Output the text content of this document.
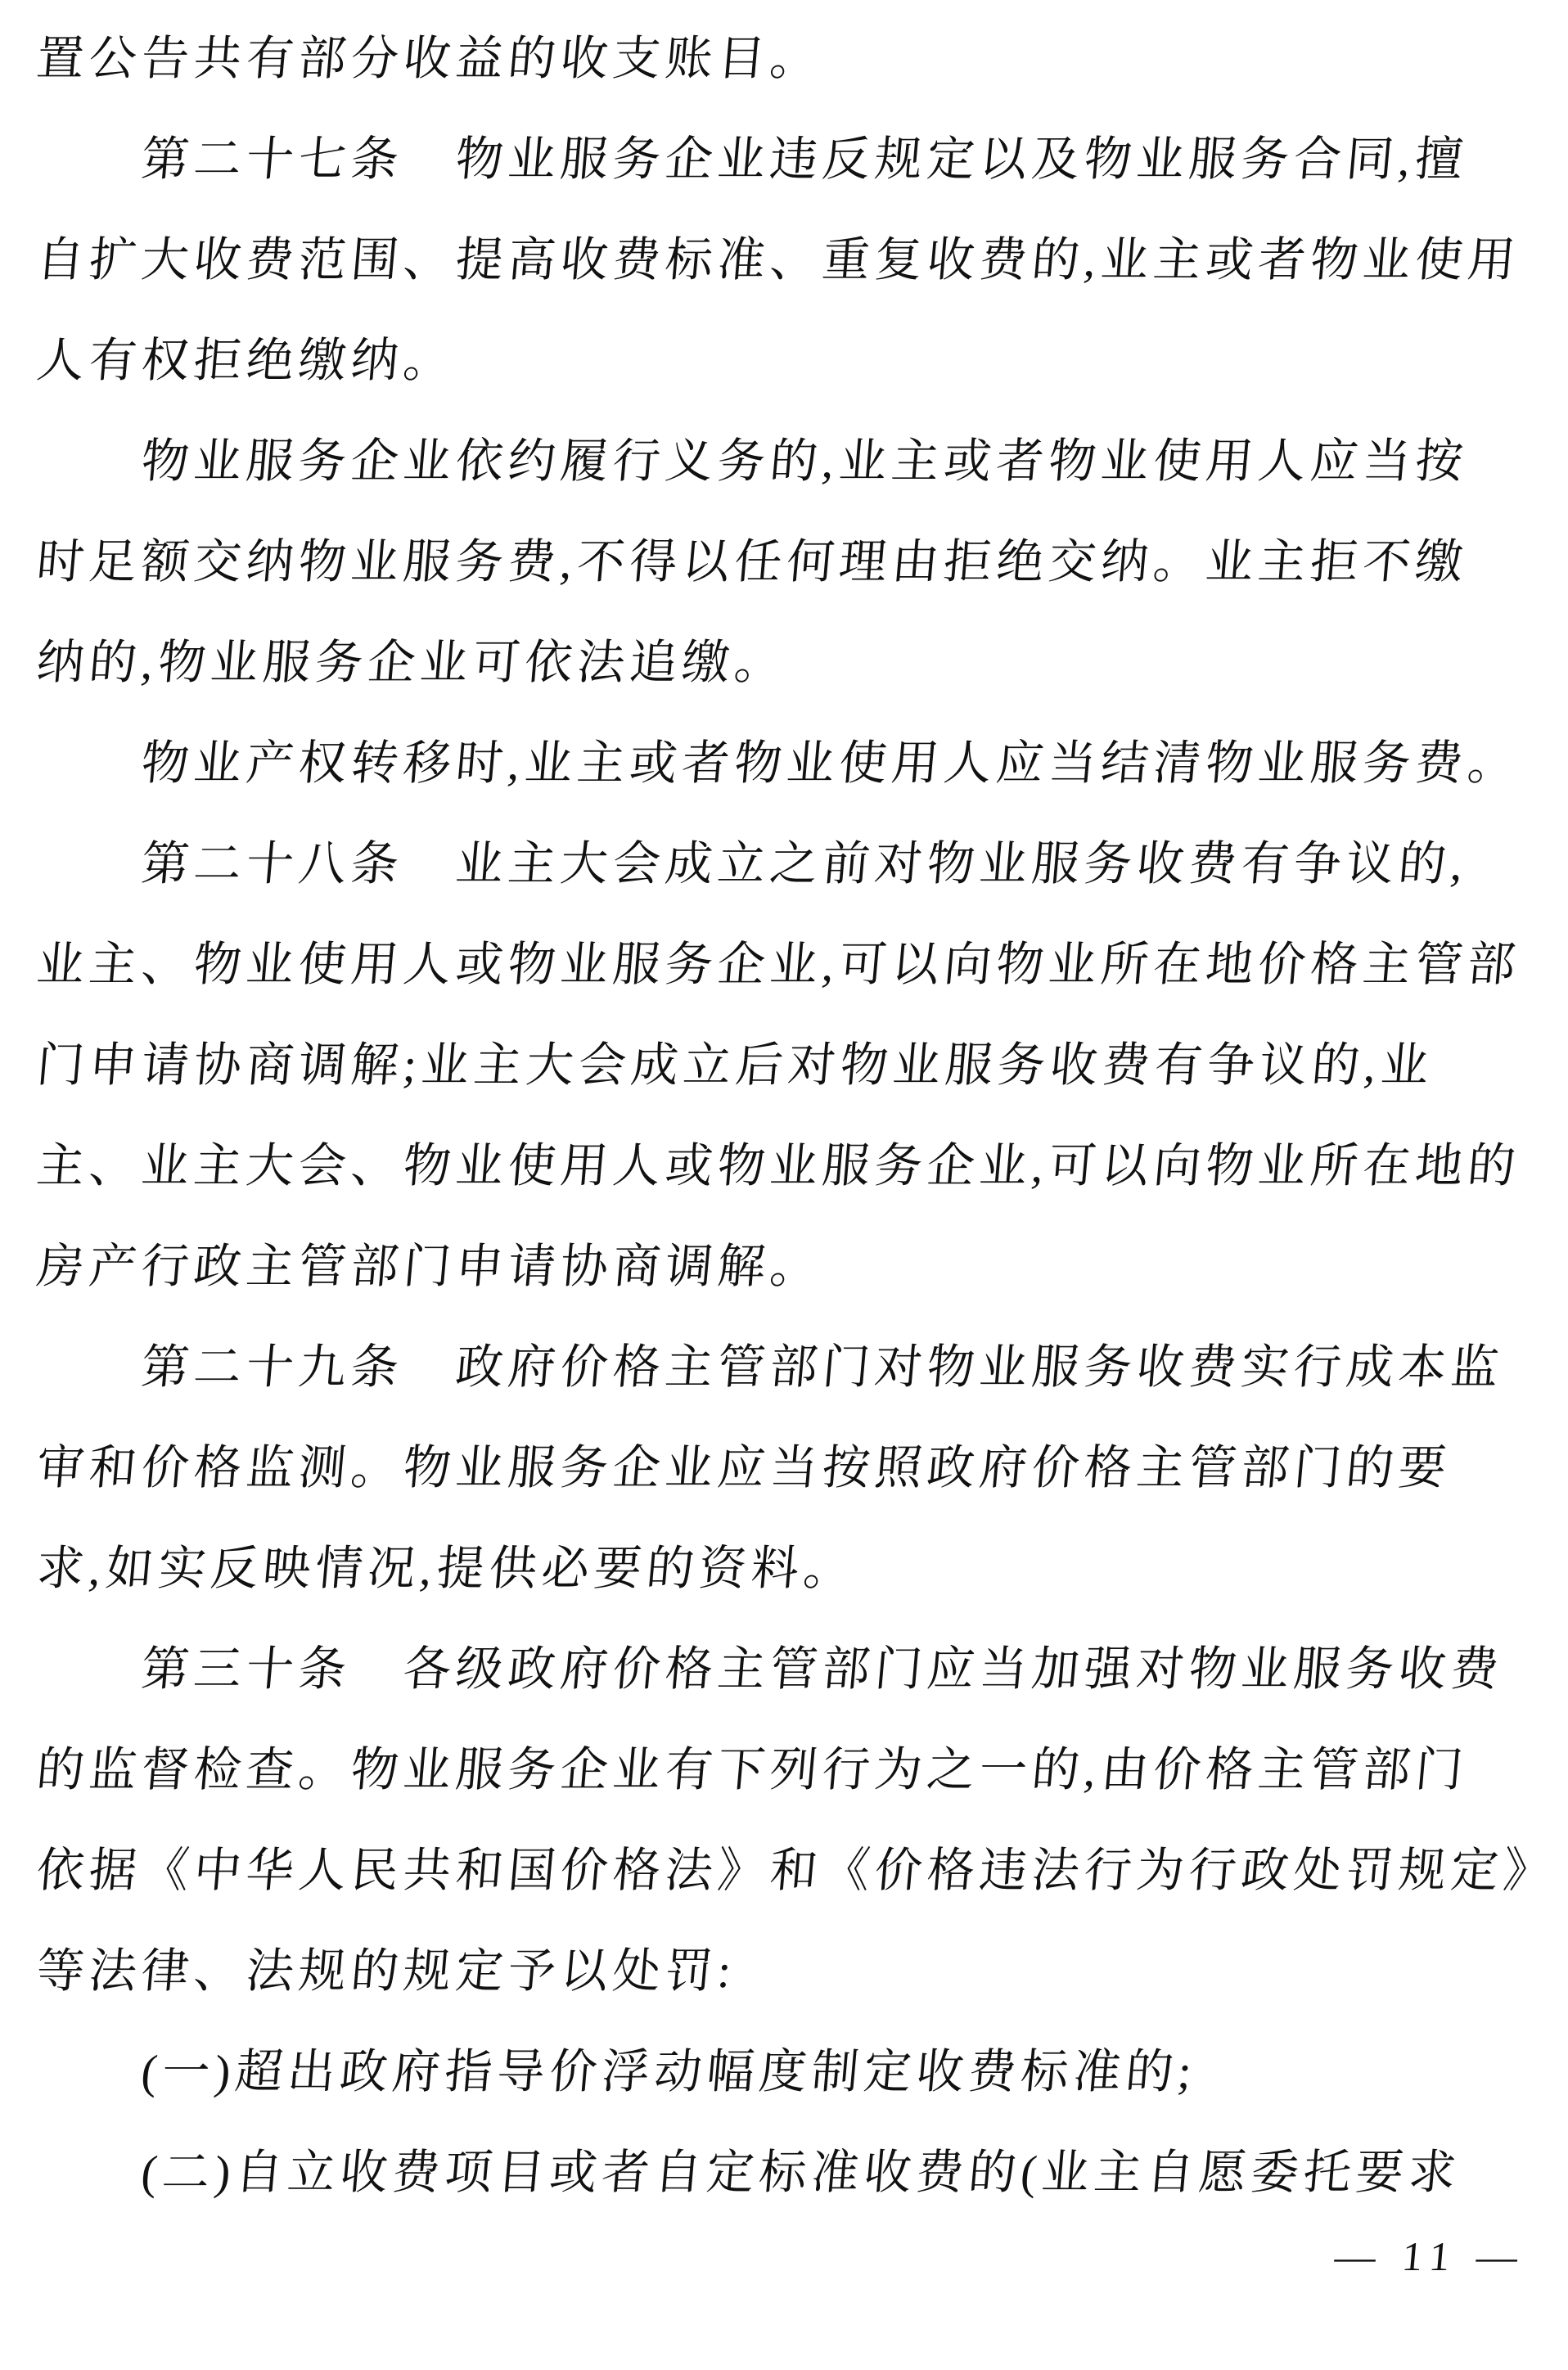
置公告共有部分收益的收支账目。
第二十七条　物业服务企业违反规定以及物业服务合同,擅
自扩大收费范围、提高收费标准、重复收费的,业主或者物业使用
人有权拒绝缴纳。
物业服务企业依约履行义务的,业主或者物业使用人应当按
时足额交纳物业服务费,不得以任何理由拒绝交纳。业主拒不缴
纳的,物业服务企业可依法追缴。
物业产权转移时,业主或者物业使用人应当结清物业服务费。
第二十八条　业主大会成立之前对物业服务收费有争议的,
业主、物业使用人或物业服务企业,可以向物业所在地价格主管部
门申请协商调解;业主大会成立后对物业服务收费有争议的,业
主、业主大会、物业使用人或物业服务企业,可以向物业所在地的
房产行政主管部门申请协商调解。
第二十九条　政府价格主管部门对物业服务收费实行成本监
审和价格监测。物业服务企业应当按照政府价格主管部门的要
求,如实反映情况,提供必要的资料。
第三十条　各级政府价格主管部门应当加强对物业服务收费
的监督检查。物业服务企业有下列行为之一的,由价格主管部门
依据《中华人民共和国价格法》和《价格违法行为行政处罚规定》
等法律、法规的规定予以处罚:
(一)超出政府指导价浮动幅度制定收费标准的;
(二)自立收费项目或者自定标准收费的(业主自愿委托要求
— 11 —
